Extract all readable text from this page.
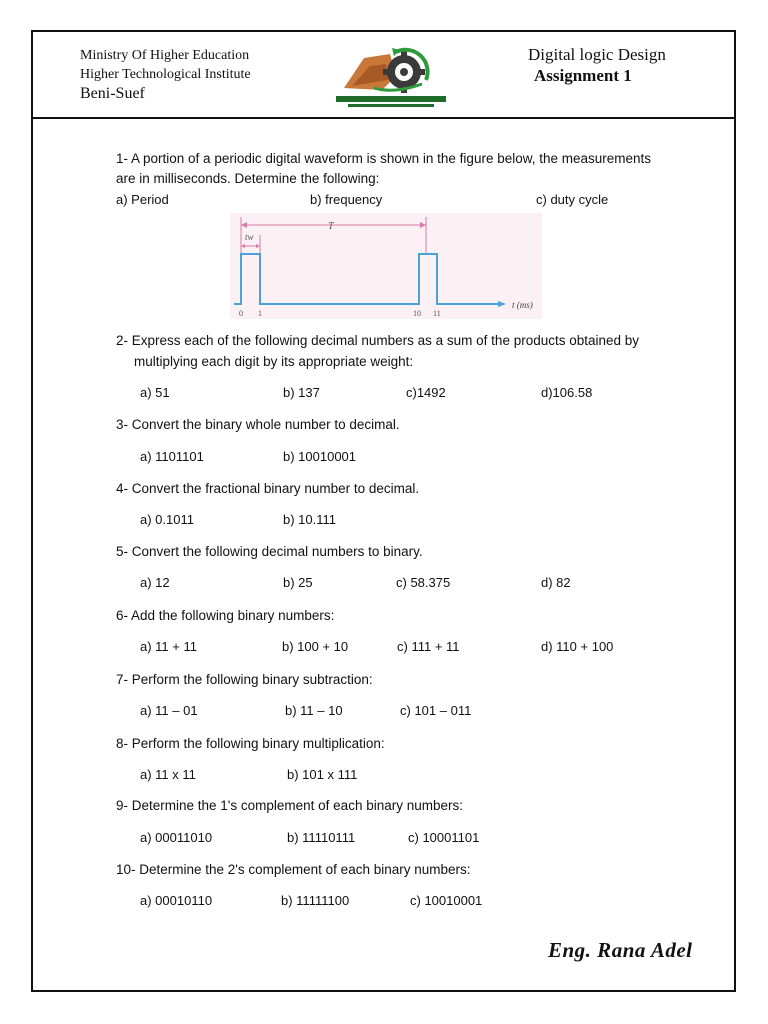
Ministry Of Higher Education
Higher Technological Institute
Beni-Suef
Digital logic Design
Assignment 1
1- A portion of a periodic digital waveform is shown in the figure below, the measurements
are in milliseconds. Determine the following:
a) Period	b) frequency	c) duty cycle
T
tw
t (ms)
0 1	10 11
2- Express each of the following decimal numbers as a sum of the products obtained by
multiplying each digit by its appropriate weight:
a) 51	b) 137	c)1492	d)106.58
3- Convert the binary whole number to decimal.
a) 1101101	b) 10010001
4- Convert the fractional binary number to decimal.
a) 0.1011	b) 10.111
5- Convert the following decimal numbers to binary.
a) 12	b) 25	c) 58.375	d) 82
6- Add the following binary numbers:
a) 11 + 11	b) 100 + 10	c) 111 + 11	d) 110 + 100
7- Perform the following binary subtraction:
a) 11 – 01	b) 11 – 10	c) 101 – 011
8- Perform the following binary multiplication:
a) 11 x 11	b) 101 x 111
9- Determine the 1's complement of each binary numbers:
a) 00011010	b) 11110111	c) 10001101
10- Determine the 2's complement of each binary numbers:
a) 00010110	b) 11111100	c) 10010001
Eng. Rana Adel
